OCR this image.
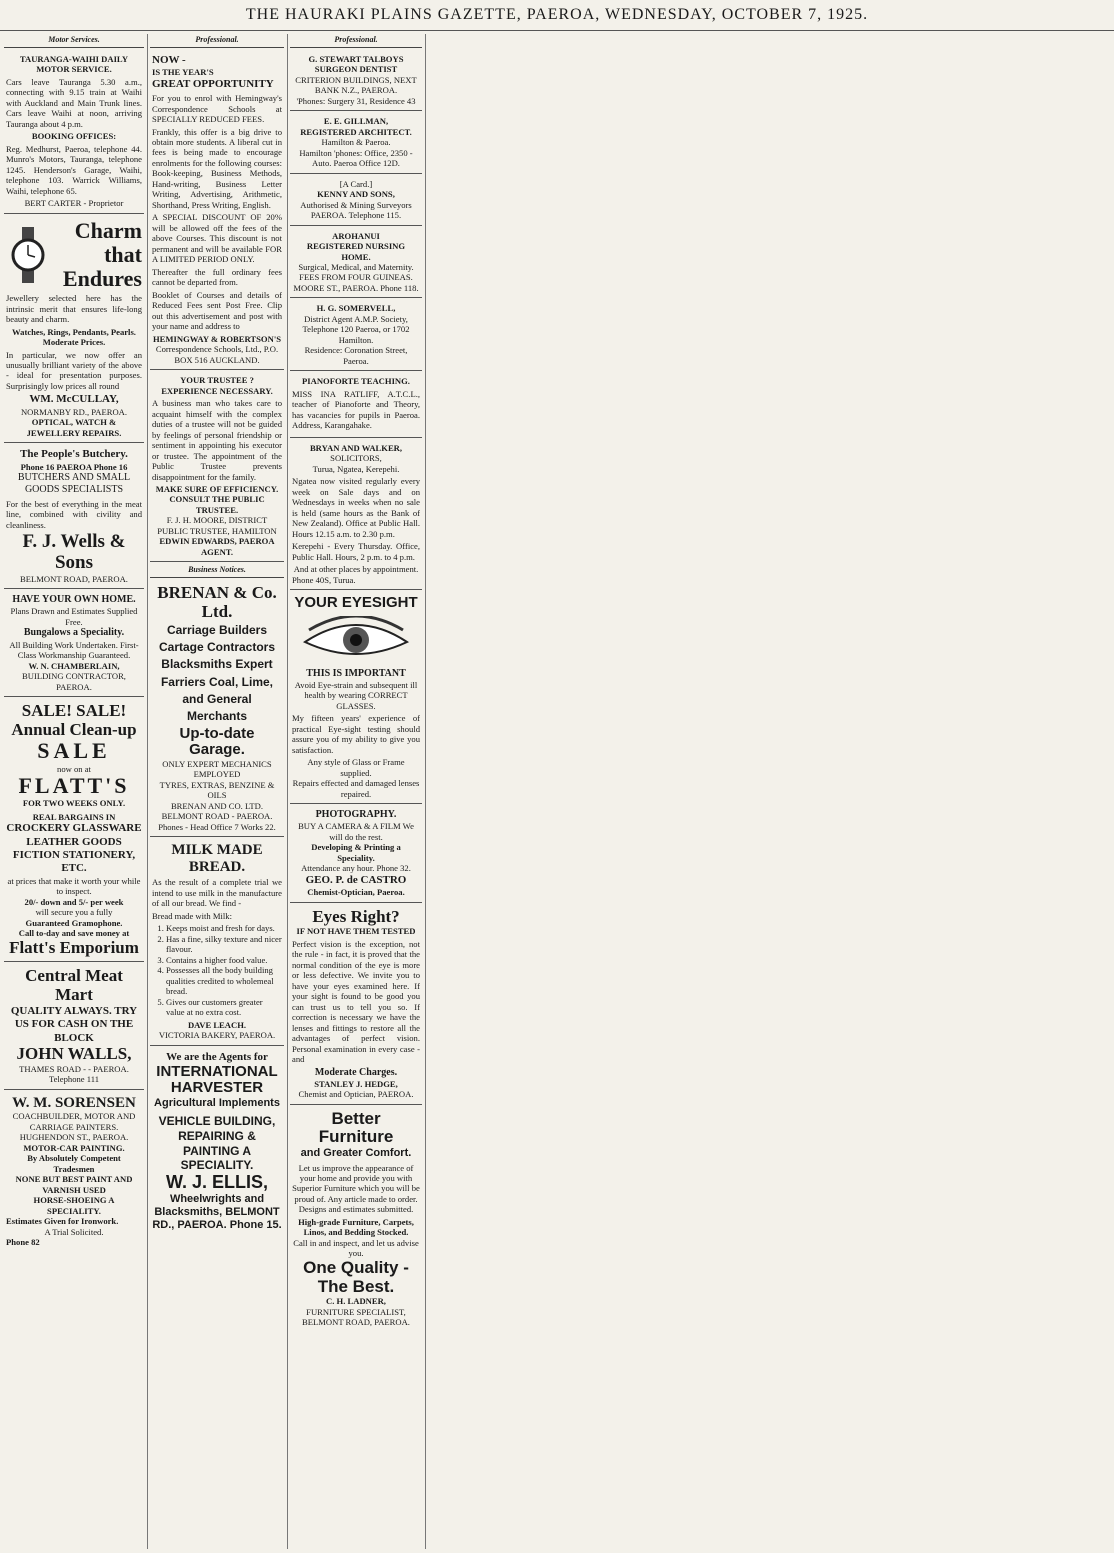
THE HAURAKI PLAINS GAZETTE, PAEROA, WEDNESDAY, OCTOBER 7, 1925.
Motor Services.
TAURANGA-WAIHI DAILY MOTOR SERVICE.

Cars leave Tauranga 5.30 a.m., connecting with 9.15 train at Waihi with Auckland and Main Trunk lines. Cars leave Waihi at noon, arriving Tauranga about 4 p.m.

BOOKING OFFICES:

Reg. Medhurst, Paeroa, telephone 44. Munro's Motors, Tauranga, telephone 1245. Henderson's Garage, Waihi, telephone 103. Warrick Williams, Waihi, telephone 65.

BERT CARTER - Proprietor
Charm
that
Endures

Jewellery selected here has the intrinsic merit that ensures life-long beauty and charm.

Watches, Rings, Pendants, Pearls. Moderate Prices.

In particular, we now offer an unusually brilliant variety of the above - ideal for presentation purposes. Surprisingly low prices all round

WM. McCULLAY,
NORMANBY RD., PAEROA.
OPTICAL, WATCH & JEWELLERY REPAIRS.
The People's Butchery.
Phone 16 PAEROA Phone 16
BUTCHERS AND SMALL GOODS SPECIALISTS

For the best of everything in the meat line, combined with civility and cleanliness.

F. J. Wells & Sons
BELMONT ROAD, PAEROA.
HAVE YOUR OWN HOME.
Plans Drawn and Estimates Supplied Free.
Bungalows a Speciality.
All Building Work Undertaken. First-Class Workmanship Guaranteed.
W. N. CHAMBERLAIN,
BUILDING CONTRACTOR, PAEROA.
SALE! SALE!
Annual Clean-up
SALE
now on at
FLATT'S
FOR TWO WEEKS ONLY.
REAL BARGAINS IN
CROCKERY GLASSWARE LEATHER GOODS FICTION STATIONERY, ETC.
at prices that make it worth your while to inspect.
20/- down and 5/- per week
will secure you a fully
Guaranteed Gramophone.
Call to-day and save money at
Flatt's Emporium
Central Meat Mart
QUALITY ALWAYS. TRY US FOR CASH ON THE BLOCK
JOHN WALLS,
THAMES ROAD - - PAEROA. Telephone 111
W. M. SORENSEN
COACHBUILDER, MOTOR AND CARRIAGE PAINTERS. HUGHENDON ST., PAEROA.
MOTOR-CAR PAINTING.
By Absolutely Competent Tradesmen
NONE BUT BEST PAINT AND VARNISH USED
HORSE-SHOEING A SPECIALITY.
Estimates Given for Ironwork.
A Trial Solicited.
Phone 82
Professional.
NOW -
IS THE YEAR'S
GREAT OPPORTUNITY

For you to enrol with Hemingway's Correspondence Schools at SPECIALLY REDUCED FEES.

Frankly, this offer is a big drive to obtain more students. A liberal cut in fees is being made to encourage enrolments for the following courses: Book-keeping, Business Methods, Hand-writing, Business Letter Writing, Advertising, Arithmetic, Shorthand, Press Writing, English.

A SPECIAL DISCOUNT OF 20% will be allowed off the fees of the above Courses. This discount is not permanent and will be available FOR A LIMITED PERIOD ONLY.

Thereafter the full ordinary fees cannot be departed from.

Booklet of Courses and details of Reduced Fees sent Post Free. Clip out this advertisement and post with your name and address to

HEMINGWAY & ROBERTSON'S
Correspondence Schools, Ltd., P.O. BOX 516 AUCKLAND.
YOUR TRUSTEE ?
EXPERIENCE NECESSARY.

A business man who takes care to acquaint himself with the complex duties of a trustee will not be guided by feelings of personal friendship or sentiment in appointing his executor or trustee. The appointment of the Public Trustee prevents disappointment for the family.

MAKE SURE OF EFFICIENCY.
CONSULT THE PUBLIC TRUSTEE.
F. J. H. MOORE, DISTRICT PUBLIC TRUSTEE, HAMILTON
EDWIN EDWARDS, PAEROA AGENT.
Business Notices.
BRENAN & Co. Ltd.
Carriage Builders Cartage Contractors Blacksmiths Expert Farriers Coal, Lime, and General Merchants
Up-to-date Garage.
ONLY EXPERT MECHANICS EMPLOYED
TYRES, EXTRAS, BENZINE & OILS
BRENAN AND CO. LTD.
BELMONT ROAD - PAEROA.
Phones - Head Office 7 Works 22.
MILK MADE BREAD.

As the result of a complete trial we intend to use milk in the manufacture of all our bread. We find -

Bread made with Milk:

1. Keeps moist and fresh for days.
2. Has a fine, silky texture and nicer flavour.
3. Contains a higher food value.
4. Possesses all the body building qualities credited to wholemeal bread.
5. Gives our customers greater value at no extra cost.
DAVE LEACH.
VICTORIA BAKERY, PAEROA.
We are the Agents for
INTERNATIONAL HARVESTER
Agricultural Implements
VEHICLE BUILDING, REPAIRING & PAINTING A SPECIALITY.
W. J. ELLIS,
Wheelwrights and Blacksmiths, BELMONT RD., PAEROA. Phone 15.
Professional.
G. STEWART TALBOYS SURGEON DENTIST
CRITERION BUILDINGS, NEXT BANK N.Z., PAEROA.
'Phones: Surgery 31, Residence 43
E. E. GILLMAN,
REGISTERED ARCHITECT.
Hamilton & Paeroa.
Hamilton 'phones: Office, 2350 - Auto. Paeroa Office 12D.
[A Card.]
KENNY AND SONS,
Authorised & Mining Surveyors PAEROA. Telephone 115.
AROHANUI
REGISTERED NURSING HOME.
Surgical, Medical, and Maternity. FEES FROM FOUR GUINEAS. MOORE ST., PAEROA. Phone 118.
H. G. SOMERVELL,
District Agent A.M.P. Society, Telephone 120 Paeroa, or 1702 Hamilton.
Residence: Coronation Street, Paeroa.
PIANOFORTE TEACHING.

MISS INA RATLIFF, A.T.C.L., teacher of Pianoforte and Theory, has vacancies for pupils in Paeroa. Address, Karangahake.

BRYAN AND WALKER,
SOLICITORS,
Turua, Ngatea, Kerepehi.

Ngatea now visited regularly every week on Sale days and on Wednesdays in weeks when no sale is held (same hours as the Bank of New Zealand). Office at Public Hall. Hours 12.15 a.m. to 2.30 p.m.

Kerepehi - Every Thursday. Office, Public Hall. Hours, 2 p.m. to 4 p.m.

And at other places by appointment.
Phone 40S, Turua.
YOUR EYESIGHT
THIS IS IMPORTANT
Avoid Eye-strain and subsequent ill health by wearing CORRECT GLASSES.

My fifteen years' experience of practical Eye-sight testing should assure you of my ability to give you satisfaction.

Any style of Glass or Frame supplied.
Repairs effected and damaged lenses repaired.
PHOTOGRAPHY.
BUY A CAMERA & A FILM We will do the rest.
Developing & Printing a Speciality.
Attendance any hour. Phone 32.
GEO. P. de CASTRO
Chemist-Optician, Paeroa.
Eyes Right?
IF NOT HAVE THEM TESTED

Perfect vision is the exception, not the rule - in fact, it is proved that the normal condition of the eye is more or less defective. We invite you to have your eyes examined here. If your sight is found to be good you can trust us to tell you so. If correction is necessary we have the lenses and fittings to restore all the advantages of perfect vision. Personal examination in every case - and

Moderate Charges.
STANLEY J. HEDGE,
Chemist and Optician, PAEROA.
Better Furniture
and Greater Comfort.

Let us improve the appearance of your home and provide you with Superior Furniture which you will be proud of. Any article made to order. Designs and estimates submitted.

High-grade Furniture, Carpets, Linos, and Bedding Stocked.
Call in and inspect, and let us advise you.
One Quality - The Best.
C. H. LADNER,
FURNITURE SPECIALIST, BELMONT ROAD, PAEROA.
